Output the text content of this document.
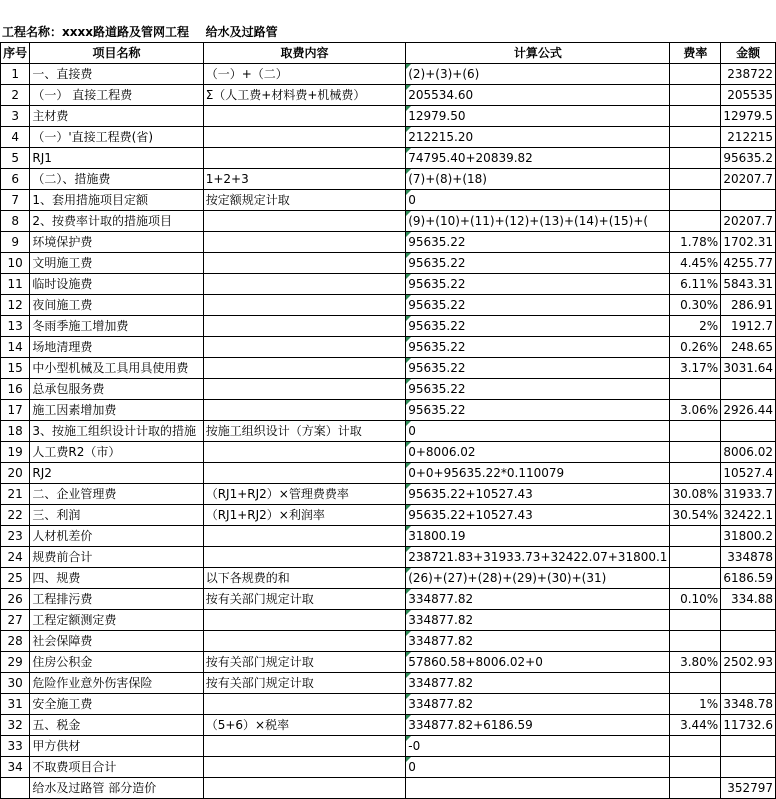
工程名称：xxxx路道路及管网工程    给水及过路管
序号	项目名称	取费内容	计算公式	费率	金额
1	一、直接费	（一）+（二）	(2)+(3)+(6)		238722
2	（一） 直接工程费	Σ（人工费+材料费+机械费）	205534.60		205535
3	主材费		12979.50		12979.5
4	（一）'直接工程费(省)		212215.20		212215
5	RJ1		74795.40+20839.82		95635.2
6	（二）、措施费	1+2+3	(7)+(8)+(18)		20207.7
7	1、套用措施项目定额	按定额规定计取	0		
8	2、按费率计取的措施项目		(9)+(10)+(11)+(12)+(13)+(14)+(15)+(		20207.7
9	环境保护费		95635.22	1.78%	1702.31
10	文明施工费		95635.22	4.45%	4255.77
11	临时设施费		95635.22	6.11%	5843.31
12	夜间施工费		95635.22	0.30%	286.91
13	冬雨季施工增加费		95635.22	2%	1912.7
14	场地清理费		95635.22	0.26%	248.65
15	中小型机械及工具用具使用费		95635.22	3.17%	3031.64
16	总承包服务费		95635.22		
17	施工因素增加费		95635.22	3.06%	2926.44
18	3、按施工组织设计计取的措施	按施工组织设计（方案）计取	0		
19	人工费R2（市）		0+8006.02		8006.02
20	RJ2		0+0+95635.22*0.110079		10527.4
21	二、企业管理费	（RJ1+RJ2）×管理费费率	95635.22+10527.43	30.08%	31933.7
22	三、利润	（RJ1+RJ2）×利润率	95635.22+10527.43	30.54%	32422.1
23	人材机差价		31800.19		31800.2
24	规费前合计		238721.83+31933.73+32422.07+31800.1		334878
25	四、规费	以下各规费的和	(26)+(27)+(28)+(29)+(30)+(31)		6186.59
26	工程排污费	按有关部门规定计取	334877.82	0.10%	334.88
27	工程定额测定费		334877.82		
28	社会保障费		334877.82		
29	住房公积金	按有关部门规定计取	57860.58+8006.02+0	3.80%	2502.93
30	危险作业意外伤害保险	按有关部门规定计取	334877.82		
31	安全施工费		334877.82	1%	3348.78
32	五、税金	（5+6）×税率	334877.82+6186.59	3.44%	11732.6
33	甲方供材		-0		
34	不取费项目合计		0		
	给水及过路管 部分造价				352797
